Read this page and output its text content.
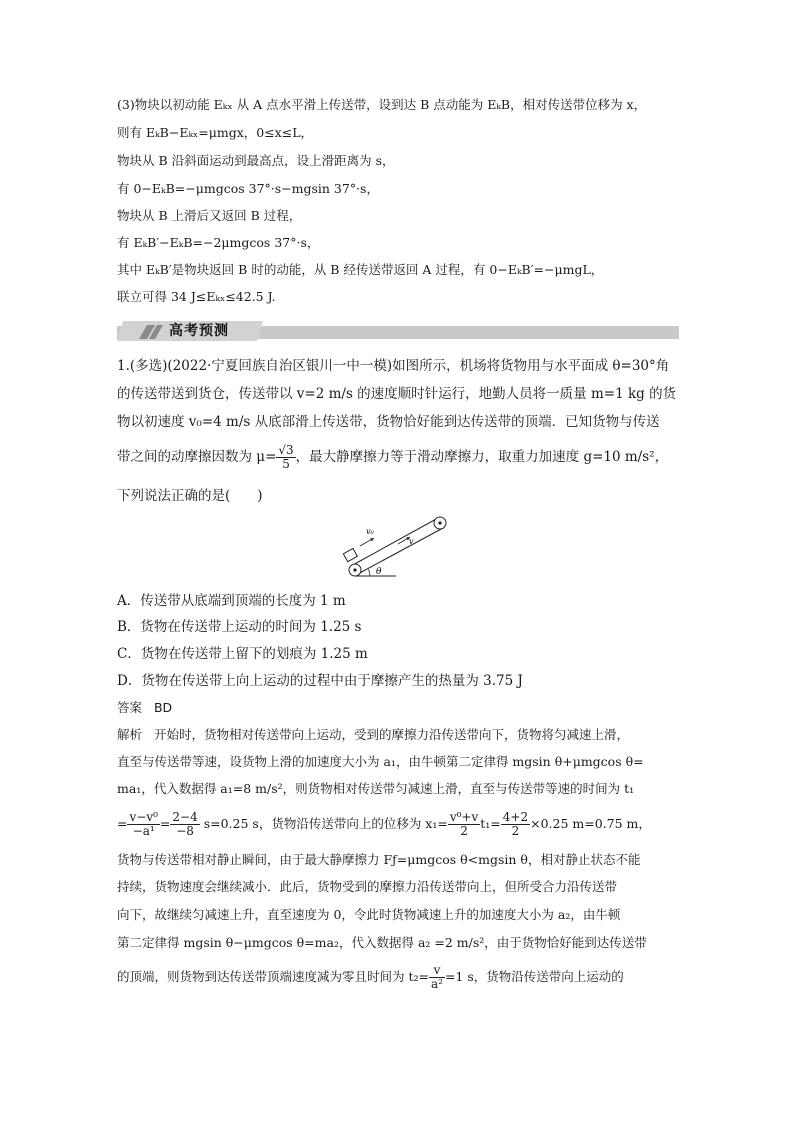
(3)物块以初动能 Eₖₓ 从 A 点水平滑上传送带，设到达 B 点动能为 EₖB，相对传送带位移为 x，
则有 EₖB−Eₖₓ=μmgx，0≤x≤L，
物块从 B 沿斜面运动到最高点，设上滑距离为 s，
有 0−EₖB=−μmgcos 37°·s−mgsin 37°·s，
物块从 B 上滑后又返回 B 过程，
有 EₖB′−EₖB=−2μmgcos 37°·s，
其中 EₖB′是物块返回 B 时的动能，从 B 经传送带返回 A 过程，有 0−EₖB′=−μmgL，
联立可得 34 J≤Eₖₓ≤42.5 J.
高考预测
1.(多选)(2022·宁夏回族自治区银川一中一模)如图所示，机场将货物用与水平面成 θ=30°角
的传送带送到货仓，传送带以 v=2 m/s 的速度顺时针运行，地勤人员将一质量 m=1 kg 的货
物以初速度 v₀=4 m/s 从底部滑上传送带，货物恰好能到达传送带的顶端．已知货物与传送
带之间的动摩擦因数为 $\mu= \frac{√3}{5}$ ，最大静摩擦力等于滑动摩擦力，取重力加速度 g=10 m/s²，
下列说法正确的是(　　)
θ
v₀
v
A．传送带从底端到顶端的长度为 1 m
B．货物在传送带上运动的时间为 1.25 s
C．货物在传送带上留下的划痕为 1.25 m
D．货物在传送带上向上运动的过程中由于摩擦产生的热量为 3.75 J
答案 BD
解析 开始时，货物相对传送带向上运动，受到的摩擦力沿传送带向下，货物将匀减速上滑，
直至与传送带等速，设货物上滑的加速度大小为 a₁，由牛顿第二定律得 mgsin θ+μmgcos θ=
ma₁，代入数据得 a₁=8 m/s²，则货物相对传送带匀减速上滑，直至与传送带等速的时间为 t₁
= $\frac{\text{v−v⁰}}{\text{−a¹}} = \frac{2-4}{-8} s=0.25$ s，货物沿传送带向上的位移为 $x_1= \frac{\text{v⁰+v}}{2} t_1= \frac{4+2}{2} \times 0.25$ m=0.75 m，
货物与传送带相对静止瞬间，由于最大静摩擦力 Fƒ=μmgcos θ<mgsin θ，相对静止状态不能
持续，货物速度会继续减小．此后，货物受到的摩擦力沿传送带向上，但所受合力沿传送带
向下，故继续匀减速上升，直至速度为 0，令此时货物减速上升的加速度大小为 a₂，由牛顿
第二定律得 mgsin θ−μmgcos θ=ma₂，代入数据得 a₂ =2 m/s²，由于货物恰好能到达传送带
的顶端，则货物到达传送带顶端速度减为零且时间为 $t_2= \frac{v}{\text{a²}} =1$ s，货物沿传送带向上运动的
